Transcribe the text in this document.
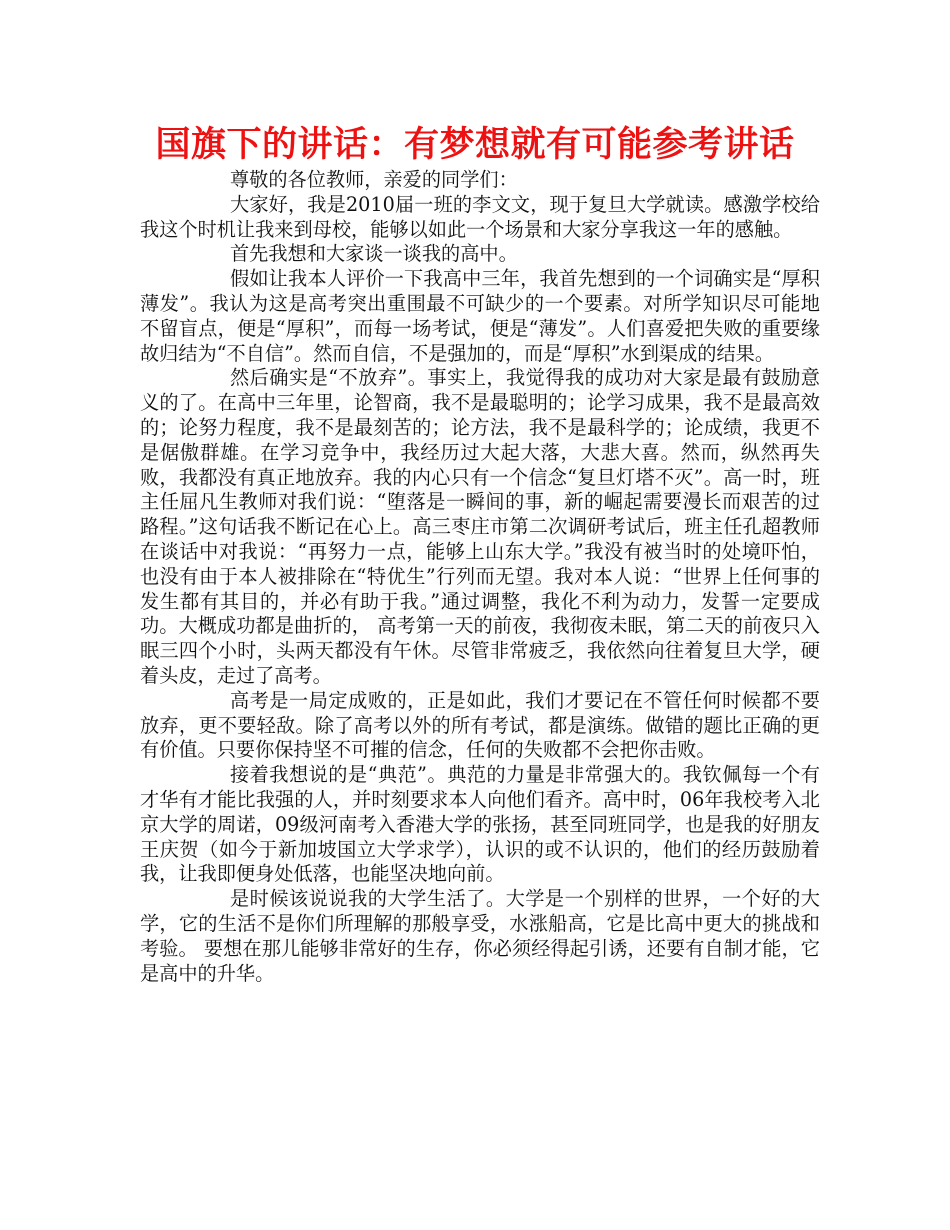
国旗下的讲话：有梦想就有可能参考讲话

尊敬的各位教师，亲爱的同学们：

大家好，我是2010届一班的李文文，现于复旦大学就读。感激学校给我这个时机让我来到母校，能够以如此一个场景和大家分享我这一年的感触。

首先我想和大家谈一谈我的高中。

假如让我本人评价一下我高中三年，我首先想到的一个词确实是“厚积薄发”。我认为这是高考突出重围最不可缺少的一个要素。对所学知识尽可能地不留盲点，便是“厚积”，而每一场考试，便是“薄发”。人们喜爱把失败的重要缘故归结为“不自信”。然而自信，不是强加的，而是“厚积”水到渠成的结果。

然后确实是“不放弃”。事实上，我觉得我的成功对大家是最有鼓励意义的了。在高中三年里，论智商，我不是最聪明的；论学习成果，我不是最高效的；论努力程度，我不是最刻苦的；论方法，我不是最科学的；论成绩，我更不是倨傲群雄。在学习竞争中，我经历过大起大落，大悲大喜。然而，纵然再失败，我都没有真正地放弃。我的内心只有一个信念“复旦灯塔不灭”。高一时，班主任屈凡生教师对我们说：“堕落是一瞬间的事，新的崛起需要漫长而艰苦的过路程。”这句话我不断记在心上。高三枣庄市第二次调研考试后，班主任孔超教师在谈话中对我说：“再努力一点，能够上山东大学。”我没有被当时的处境吓怕，也没有由于本人被排除在“特优生”行列而无望。我对本人说：“世界上任何事的发生都有其目的，并必有助于我。”通过调整，我化不利为动力，发誓一定要成功。大概成功都是曲折的， 高考第一天的前夜，我彻夜未眠，第二天的前夜只入眠三四个小时，头两天都没有午休。尽管非常疲乏，我依然向往着复旦大学，硬着头皮，走过了高考。

高考是一局定成败的，正是如此，我们才要记在不管任何时候都不要放弃，更不要轻敌。除了高考以外的所有考试，都是演练。做错的题比正确的更有价值。只要你保持坚不可摧的信念，任何的失败都不会把你击败。

接着我想说的是“典范”。典范的力量是非常强大的。我钦佩每一个有才华有才能比我强的人，并时刻要求本人向他们看齐。高中时，06年我校考入北京大学的周诺，09级河南考入香港大学的张扬，甚至同班同学，也是我的好朋友王庆贺（如今于新加坡国立大学求学），认识的或不认识的，他们的经历鼓励着我，让我即便身处低落，也能坚决地向前。

是时候该说说我的大学生活了。大学是一个别样的世界，一个好的大学，它的生活不是你们所理解的那般享受，水涨船高，它是比高中更大的挑战和考验。 要想在那儿能够非常好的生存，你必须经得起引诱，还要有自制才能，它是高中的升华。
